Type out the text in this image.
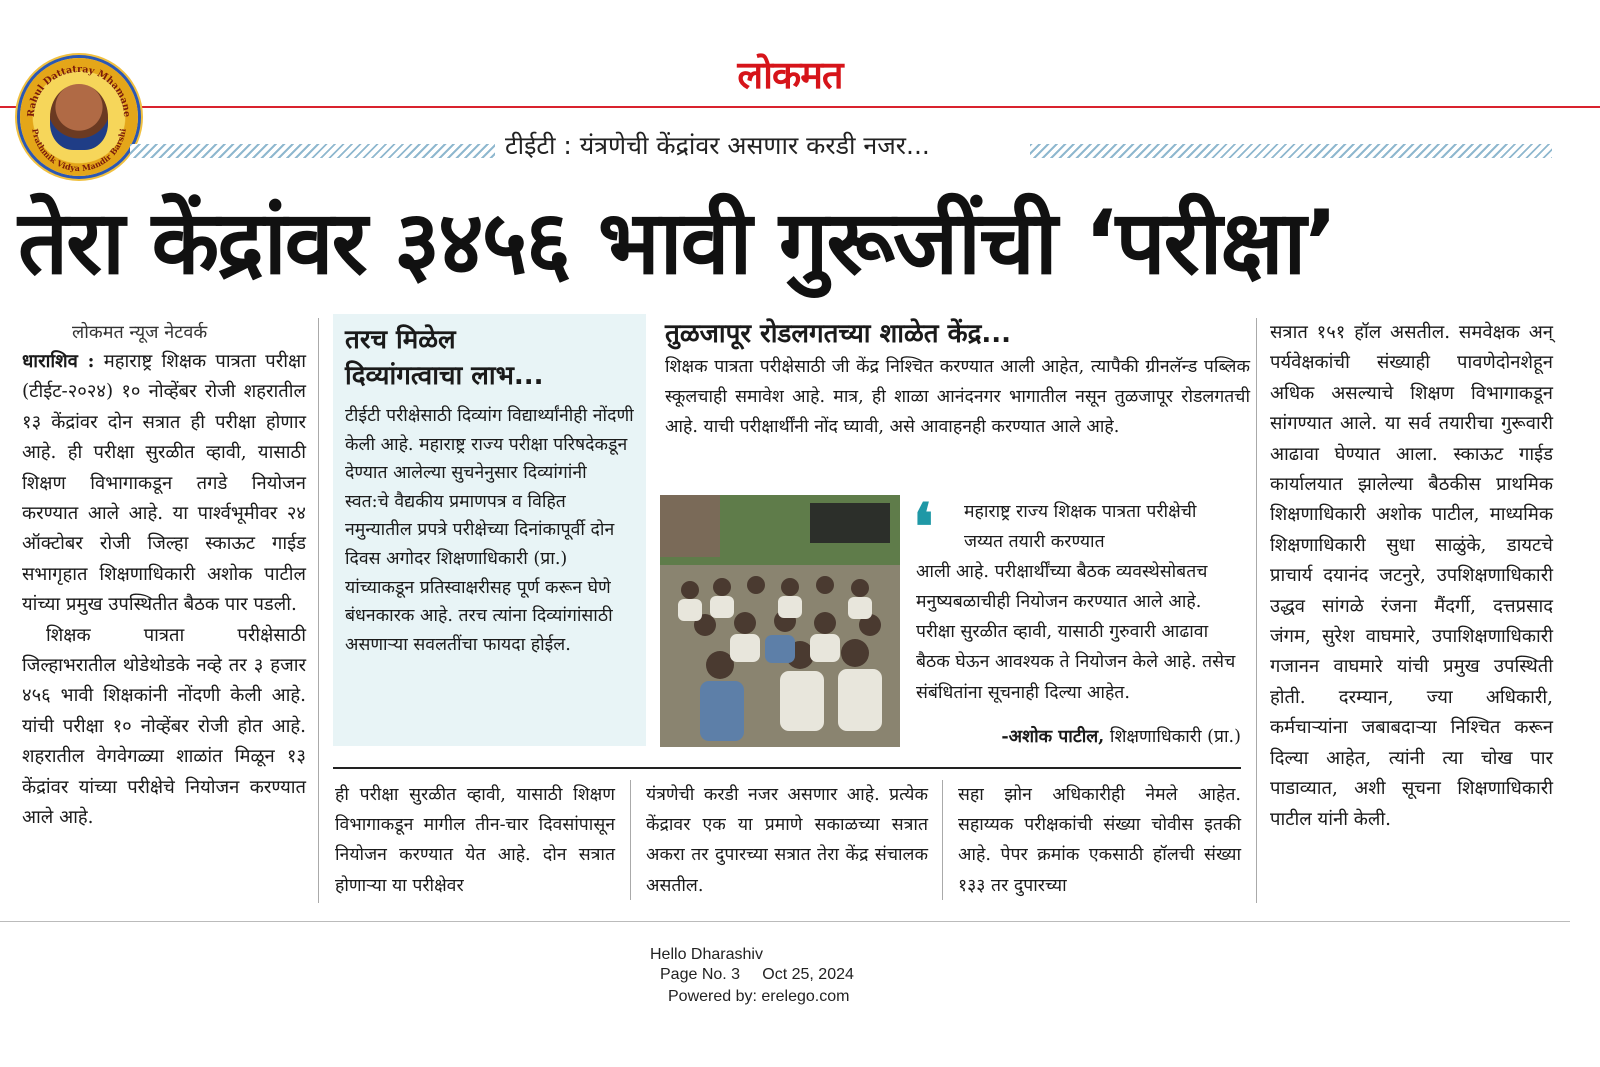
लोकमत
Rahul Dattatray Mhamane
Prathmik Vidya Mandir Barshi
टीईटी : यंत्रणेची केंद्रांवर असणार करडी नजर...
तेरा केंद्रांवर ३४५६ भावी गुरूजींची ‘परीक्षा’
लोकमत न्यूज नेटवर्क
धाराशिव : महाराष्ट्र शिक्षक पात्रता परीक्षा (टीईट-२०२४) १० नोव्हेंबर रोजी शहरातील १३ केंद्रांवर दोन सत्रात ही परीक्षा होणार आहे. ही परीक्षा सुरळीत व्हावी, यासाठी शिक्षण विभागाकडून तगडे नियोजन करण्यात आले आहे. या पार्श्वभूमीवर २४ ऑक्टोबर रोजी जिल्हा स्काऊट गाईड सभागृहात शिक्षणाधिकारी अशोक पाटील यांच्या प्रमुख उपस्थितीत बैठक पार पडली.
शिक्षक पात्रता परीक्षेसाठी जिल्हाभरातील थोडेथोडके नव्हे तर ३ हजार ४५६ भावी शिक्षकांनी नोंदणी केली आहे. यांची परीक्षा १० नोव्हेंबर रोजी होत आहे. शहरातील वेगवेगळ्या शाळांत मिळून १३ केंद्रांवर यांच्या परीक्षेचे नियोजन करण्यात आले आहे.
तरच मिळेल
दिव्यांगत्वाचा लाभ...
टीईटी परीक्षेसाठी दिव्यांग विद्यार्थ्यांनीही नोंदणी केली आहे. महाराष्ट्र राज्य परीक्षा परिषदेकडून देण्यात आलेल्या सुचनेनुसार दिव्यांगांनी स्वत:चे वैद्यकीय प्रमाणपत्र व विहित नमुन्यातील प्रपत्रे परीक्षेच्या दिनांकापूर्वी दोन दिवस अगोदर शिक्षणाधिकारी (प्रा.) यांच्याकडून प्रतिस्वाक्षरीसह पूर्ण करून घेणे बंधनकारक आहे. तरच त्यांना दिव्यांगांसाठी असणाऱ्या सवलतींचा फायदा होईल.
तुळजापूर रोडलगतच्या शाळेत केंद्र...
शिक्षक पात्रता परीक्षेसाठी जी केंद्र निश्चित करण्यात आली आहेत, त्यापैकी ग्रीनलॅन्ड पब्लिक स्कूलचाही समावेश आहे. मात्र, ही शाळा आनंदनगर भागातील नसून तुळजापूर रोडलगतची आहे. याची परीक्षार्थींनी नोंद घ्यावी, असे आवाहनही करण्यात आले आहे.
❛	महाराष्ट्र राज्य शिक्षक पात्रता परीक्षेची जय्यत तयारी करण्यात
आली आहे. परीक्षार्थींच्या बैठक व्यवस्थेसोबतच मनुष्यबळाचीही नियोजन करण्यात आले आहे. परीक्षा सुरळीत व्हावी, यासाठी गुरुवारी आढावा बैठक घेऊन आवश्यक ते नियोजन केले आहे. तसेच संबंधितांना सूचनाही दिल्या आहेत.
-अशोक पाटील, शिक्षणाधिकारी (प्रा.)
ही परीक्षा सुरळीत व्हावी, यासाठी शिक्षण विभागाकडून मागील तीन-चार दिवसांपासून नियोजन करण्यात येत आहे. दोन सत्रात होणाऱ्या या परीक्षेवर
यंत्रणेची करडी नजर असणार आहे. प्रत्येक केंद्रावर एक या प्रमाणे सकाळच्या सत्रात अकरा तर दुपारच्या सत्रात तेरा केंद्र संचालक असतील.
सहा झोन अधिकारीही नेमले आहेत. सहाय्यक परीक्षकांची संख्या चोवीस इतकी आहे. पेपर क्रमांक एकसाठी हॉलची संख्या १३३ तर दुपारच्या
सत्रात १५१ हॉल असतील. समवेक्षक अन् पर्यवेक्षकांची संख्याही पावणेदोनशेहून अधिक असल्याचे शिक्षण विभागाकडून सांगण्यात आले. या सर्व तयारीचा गुरूवारी आढावा घेण्यात आला. स्काऊट गाईड कार्यालयात झालेल्या बैठकीस प्राथमिक शिक्षणाधिकारी अशोक पाटील, माध्यमिक शिक्षणाधिकारी सुधा साळुंके, डायटचे प्राचार्य दयानंद जटनुरे, उपशिक्षणाधिकारी उद्धव सांगळे रंजना मैंदर्गी, दत्तप्रसाद जंगम, सुरेश वाघमारे, उपाशिक्षणाधिकारी गजानन वाघमारे यांची प्रमुख उपस्थिती होती. दरम्यान, ज्या अधिकारी, कर्मचाऱ्यांना जबाबदाऱ्या निश्चित करून दिल्या आहेत, त्यांनी त्या चोख पार पाडाव्यात, अशी सूचना शिक्षणाधिकारी पाटील यांनी केली.
Hello Dharashiv
Page No. 3     Oct 25, 2024
Powered by: erelego.com
